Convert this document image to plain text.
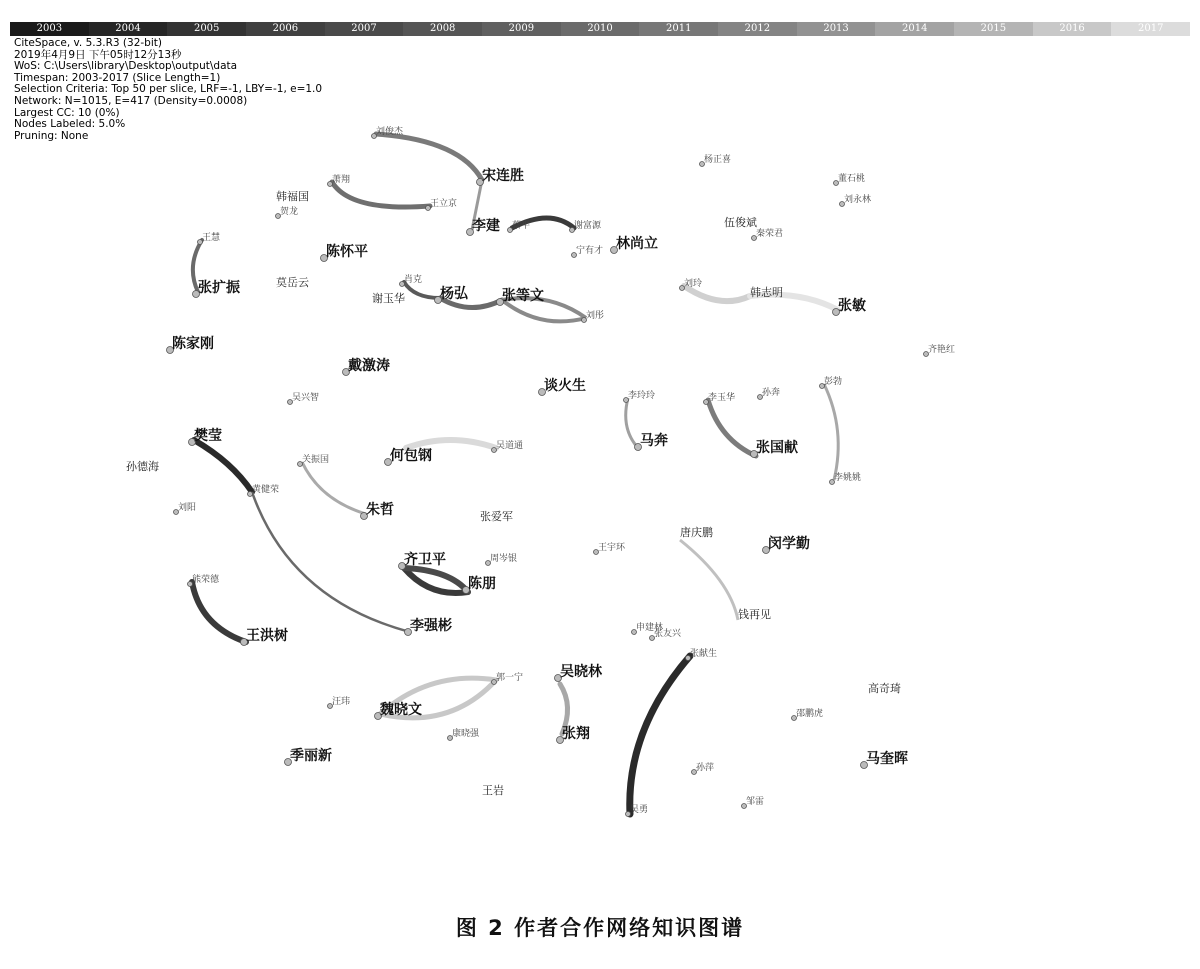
2003	2004	2005	2006	2007	2008	2009	2010	2011	2012	2013	2014	2015	2016	2017
CiteSpace, v. 5.3.R3 (32-bit)
2019年4月9日 下午05时12分13秒
WoS: C:\Users\library\Desktop\output\data
Timespan: 2003-2017 (Slice Length=1)
Selection Criteria: Top 50 per slice, LRF=-1, LBY=-1, e=1.0
Network: N=1015, E=417 (Density=0.0008)
Largest CC: 10 (0%)
Nodes Labeled: 5.0%
Pruning: None	刘俊杰
宋连胜
萧翔
王立京
李建
韩福国
贺龙
王慧
张扩振
陈怀平
莫岳云
杨正喜
董石桃
刘永林
林尚立
伍俊斌
秦荣君
宁有才
蔡平	谢富源
谢玉华
肖克
杨弘 张等文
刘彤
刘玲
韩志明
张敏
陈家刚
戴激涛
齐艳红
谈火生
吴兴智
彭勃
孙奔
李玲玲	李玉华
樊莹	马奔	张国献
孙德海	关振国	何包钢
吴道通
李姚姚
黄健荣
刘阳	朱哲	张爱军
唐庆鹏
王宇环	闵学勤
齐卫平	周岑银
陈朋
钱再见
熊荣德
王洪树
李强彬	申建林
张友兴
张献生
吴晓林
郭一宁
汪玮 魏晓文
高奇琦
邵鹏虎
康晓强	张翔
季丽新
孙萍
马奎晖
王岩
吴勇
邹雷
图 2 作者合作网络知识图谱
